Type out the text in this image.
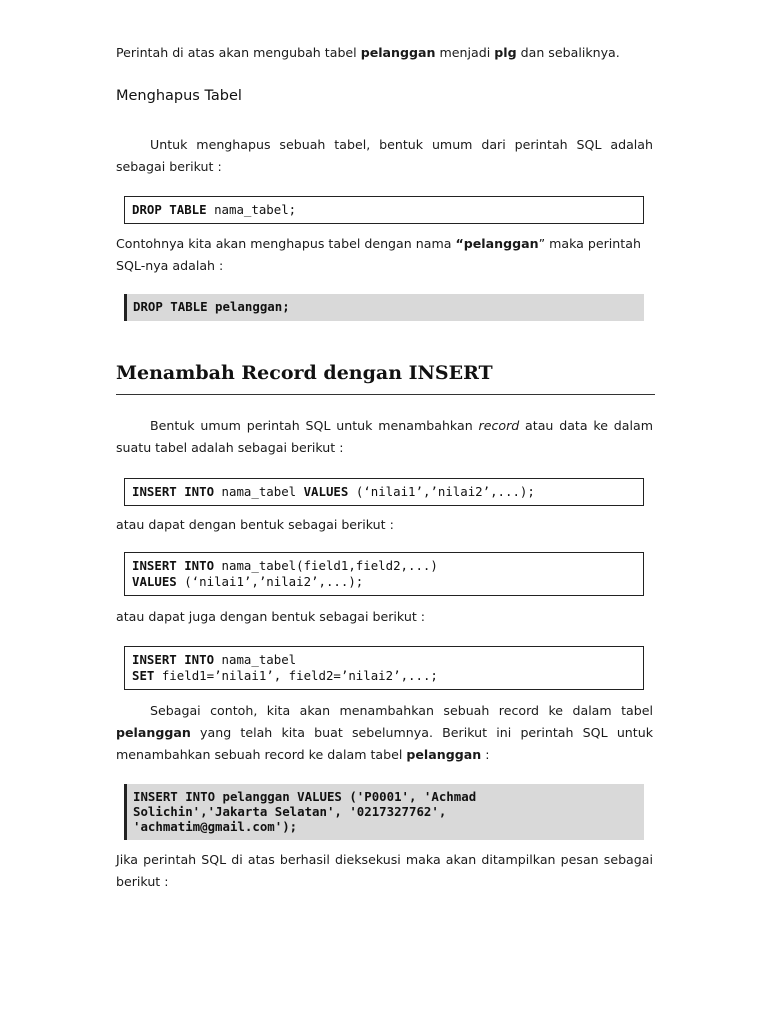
Perintah di atas akan mengubah tabel pelanggan menjadi plg dan sebaliknya.
Menghapus Tabel
Untuk menghapus sebuah tabel, bentuk umum dari perintah SQL adalah sebagai berikut :
DROP TABLE nama_tabel;
Contohnya kita akan menghapus tabel dengan nama “pelanggan” maka perintah SQL-nya adalah :
DROP TABLE pelanggan;
Menambah Record dengan INSERT
Bentuk umum perintah SQL untuk menambahkan record atau data ke dalam suatu tabel adalah sebagai berikut :
INSERT INTO nama_tabel VALUES (‘nilai1’,’nilai2’,...);
atau dapat dengan bentuk sebagai berikut :
INSERT INTO nama_tabel(field1,field2,...)
VALUES (‘nilai1’,’nilai2’,...);
atau dapat juga dengan bentuk sebagai berikut :
INSERT INTO nama_tabel
SET field1=’nilai1’, field2=’nilai2’,...;
Sebagai contoh, kita akan menambahkan sebuah record ke dalam tabel pelanggan yang telah kita buat sebelumnya. Berikut ini perintah SQL untuk menambahkan sebuah record ke dalam tabel pelanggan :
INSERT INTO pelanggan VALUES ('P0001', 'Achmad
Solichin','Jakarta Selatan', '0217327762',
'achmatim@gmail.com');
Jika perintah SQL di atas berhasil dieksekusi maka akan ditampilkan pesan sebagai berikut :
